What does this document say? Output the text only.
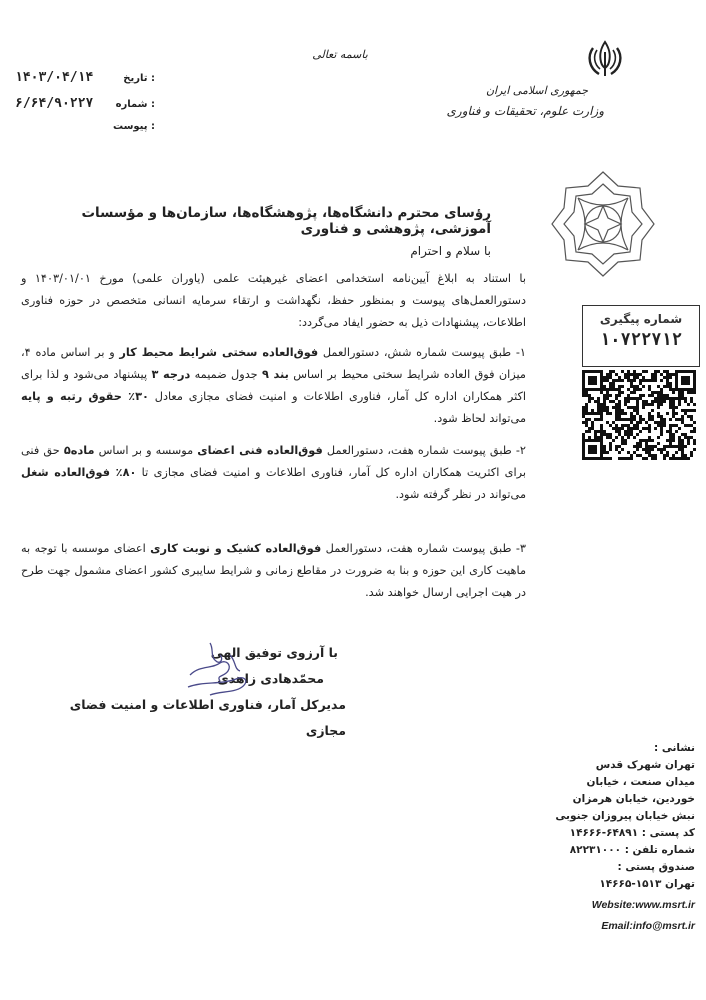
جمهوری اسلامی ایران
وزارت علوم، تحقیقات و فناوری
باسمه تعالی
۱۴۰۳/۰۴/۱۴	تاریخ :
۶/۶۴/۹۰۲۲۷ شماره :
پیوست :
رؤسای محترم دانشگاه‌ها، پژوهشگاه‌ها، سازمان‌ها و مؤسسات آموزشی، پژوهشی و فناوری
با سلام و احترام
با استناد به ابلاغ آیین‌نامه استخدامی اعضای غیرهیئت علمی (یاوران علمی) مورخ ۱۴۰۳/۰۱/۰۱ و دستورالعمل‌های پیوست و بمنظور حفظ، نگهداشت و ارتقاء سرمایه انسانی متخصص در حوزه فناوری اطلاعات، پیشنهادات ذیل به حضور ایفاد می‌گردد:
۱- طبق پیوست شماره شش، دستورالعمل فوق‌العاده سختی شرایط محیط کار و بر اساس ماده ۴، میزان فوق العاده شرایط سختی محیط بر اساس بند ۹ جدول ضمیمه درجه ۳ پیشنهاد می‌شود و لذا برای اکثر همکاران اداره کل آمار، فناوری اطلاعات و امنیت فضای مجازی معادل ۳۰٪ حقوق رتبه و پایه می‌تواند لحاظ شود.
۲- طبق پیوست شماره هفت، دستورالعمل فوق‌العاده فنی اعضای موسسه و بر اساس ماده۵ حق فنی برای اکثریت همکاران اداره کل آمار، فناوری اطلاعات و امنیت فضای مجازی تا ۸۰٪ فوق‌العاده شغل می‌تواند در نظر گرفته شود.
۳- طبق پیوست شماره هفت، دستورالعمل فوق‌العاده کشیک و نوبت کاری اعضای موسسه با توجه به ماهیت کاری این حوزه و بنا به ضرورت در مقاطع زمانی و شرایط سایبری کشور اعضای مشمول جهت طرح در هیت اجرایی ارسال خواهند شد.
شماره پیگیری
۱۰۷۲۲۷۱۲
با آرزوی توفیق الهی
محمّدهادی زاهدی
مدیرکل آمار، فناوری اطلاعات و امنیت فضای مجازی
نشانی :
تهران شهرک قدس
میدان صنعت ، خیابان
خوردین، خیابان هرمزان
نبش خیابان پیروزان جنوبی
کد پستی : ۶۴۸۹۱-۱۴۶۶۶
شماره تلفن : ۸۲۲۳۱۰۰۰
صندوق پستی :
تهران ۱۵۱۳-۱۴۶۶۵
Website:www.msrt.ir
Email:info@msrt.ir
